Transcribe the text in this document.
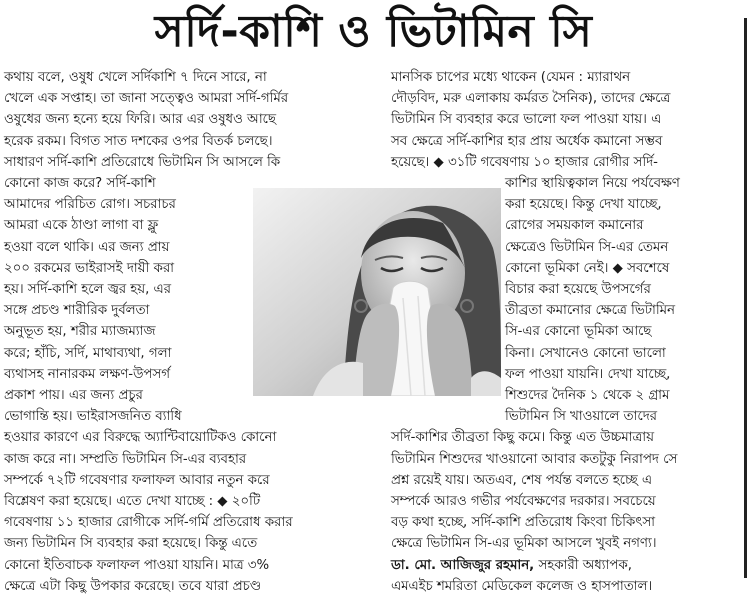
সর্দি-কাশি ও ভিটামিন সি
কথায় বলে, ওষুধ খেলে সর্দিকাশি ৭ দিনে সারে, না
খেলে এক সপ্তাহ। তা জানা সত্ত্বেও আমরা সর্দি-গর্মির
ওষুধের জন্য হন্যে হয়ে ফিরি। আর এর ওষুধও আছে
হরেক রকম। বিগত সাত দশকের ওপর বিতর্ক চলছে।
সাধারণ সর্দি-কাশি প্রতিরোধে ভিটামিন সি আসলে কি
কোনো কাজ করে? সর্দি-কাশি
আমাদের পরিচিত রোগ। সচরাচর
আমরা একে ঠাণ্ডা লাগা বা ফ্লু
হওয়া বলে থাকি। এর জন্য প্রায়
২০০ রকমের ভাইরাসই দায়ী করা
হয়। সর্দি-কাশি হলে জ্বর হয়, এর
সঙ্গে প্রচণ্ড শারীরিক দুর্বলতা
অনুভূত হয়, শরীর ম্যাজম্যাজ
করে; হাঁচি, সর্দি, মাথাব্যথা, গলা
ব্যথাসহ নানারকম লক্ষণ-উপসর্গ
প্রকাশ পায়। এর জন্য প্রচুর
ভোগান্তি হয়। ভাইরাসজনিত ব্যাধি
হওয়ার কারণে এর বিরুদ্ধে অ্যান্টিবায়োটিকও কোনো
কাজ করে না। সম্প্রতি ভিটামিন সি-এর ব্যবহার
সম্পর্কে ৭২টি গবেষণার ফলাফল আবার নতুন করে
বিশ্লেষণ করা হয়েছে। এতে দেখা যাচ্ছে : ◆ ২০টি
গবেষণায় ১১ হাজার রোগীকে সর্দি-গর্মি প্রতিরোধ করার
জন্য ভিটামিন সি ব্যবহার করা হয়েছে। কিন্তু এতে
কোনো ইতিবাচক ফলাফল পাওয়া যায়নি। মাত্র ৩%
ক্ষেত্রে এটা কিছু উপকার করেছে। তবে যারা প্রচণ্ড
মানসিক চাপের মধ্যে থাকেন (যেমন : ম্যারাথন
দৌড়বিদ, মরু এলাকায় কর্মরত সৈনিক), তাদের ক্ষেত্রে
ভিটামিন সি ব্যবহার করে ভালো ফল পাওয়া যায়। এ
সব ক্ষেত্রে সর্দি-কাশির হার প্রায় অর্ধেক কমানো সম্ভব
হয়েছে। ◆ ৩১টি গবেষণায় ১০ হাজার রোগীর সর্দি-
কাশির স্থায়িত্বকাল নিয়ে পর্যবেক্ষণ
করা হয়েছে। কিন্তু দেখা যাচ্ছে,
রোগের সময়কাল কমানোর
ক্ষেত্রেও ভিটামিন সি-এর তেমন
কোনো ভূমিকা নেই। ◆ সবশেষে
বিচার করা হয়েছে উপসর্গের
তীব্রতা কমানোর ক্ষেত্রে ভিটামিন
সি-এর কোনো ভূমিকা আছে
কিনা। সেখানেও কোনো ভালো
ফল পাওয়া যায়নি। দেখা যাচ্ছে,
শিশুদের দৈনিক ১ থেকে ২ গ্রাম
ভিটামিন সি খাওয়ালে তাদের
সর্দি-কাশির তীব্রতা কিছু কমে। কিন্তু এত উচ্চমাত্রায়
ভিটামিন শিশুদের খাওয়ানো আবার কতটুকু নিরাপদ সে
প্রশ্ন রয়েই যায়। অতএব, শেষ পর্যন্ত বলতে হচ্ছে এ
সম্পর্কে আরও গভীর পর্যবেক্ষণের দরকার। সবচেয়ে
বড় কথা হচ্ছে, সর্দি-কাশি প্রতিরোধ কিংবা চিকিৎসা
ক্ষেত্রে ভিটামিন সি-এর ভূমিকা আসলে খুবই নগণ্য।
ডা. মো. আজিজুর রহমান, সহকারী অধ্যাপক,
এমএইচ শমরিতা মেডিকেল কলেজ ও হাসপাতাল।
